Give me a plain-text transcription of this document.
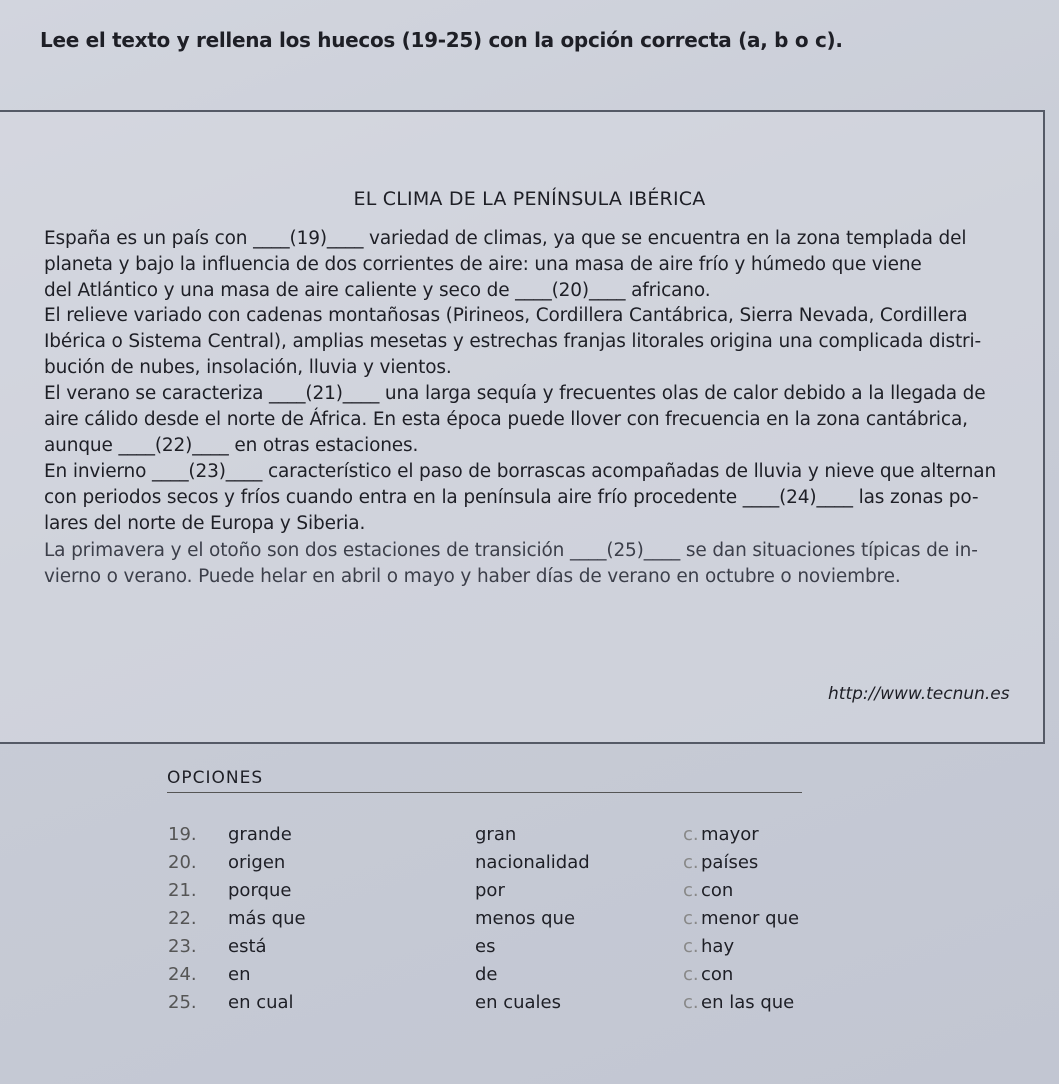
Lee el texto y rellena los huecos (19-25) con la opción correcta (a, b o c).
EL CLIMA DE LA PENÍNSULA IBÉRICA
España es un país con ____(19)____ variedad de climas, ya que se encuentra en la zona templada del
planeta y bajo la influencia de dos corrientes de aire: una masa de aire frío y húmedo que viene
del Atlántico y una masa de aire caliente y seco de ____(20)____ africano.
El relieve variado con cadenas montañosas (Pirineos, Cordillera Cantábrica, Sierra Nevada, Cordillera
Ibérica o Sistema Central), amplias mesetas y estrechas franjas litorales origina una complicada distri-
bución de nubes, insolación, lluvia y vientos.
El verano se caracteriza ____(21)____ una larga sequía y frecuentes olas de calor debido a la llegada de
aire cálido desde el norte de África. En esta época puede llover con frecuencia en la zona cantábrica,
aunque ____(22)____ en otras estaciones.
En invierno ____(23)____ característico el paso de borrascas acompañadas de lluvia y nieve que alternan
con periodos secos y fríos cuando entra en la península aire frío procedente ____(24)____ las zonas po-
lares del norte de Europa y Siberia.
La primavera y el otoño son dos estaciones de transición ____(25)____ se dan situaciones típicas de in-
vierno o verano. Puede helar en abril o mayo y haber días de verano en octubre o noviembre.
http://www.tecnun.es
OPCIONES
19.	grande	gran	c. mayor
20.	origen	nacionalidad	c. países
21.	porque	por	c. con
22.	más que	menos que	c. menor que
23.	está	es	c. hay
24.	en	de	c. con
25.	en cual	en cuales	c. en las que
